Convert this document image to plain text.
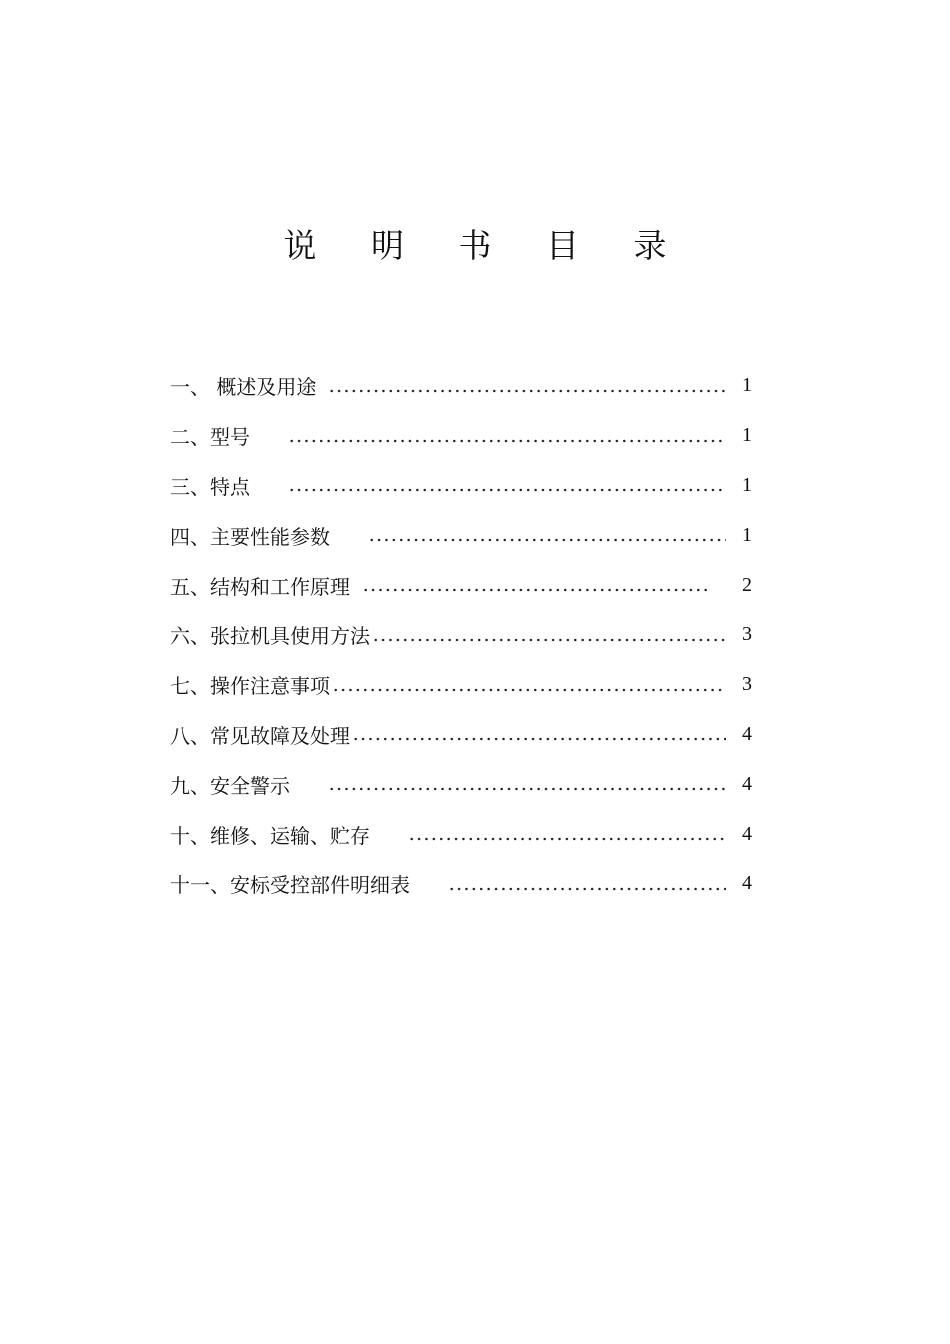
说 明 书 目 录
一、 概述及用途	1
二、型号	1
三、特点	1
四、主要性能参数	1
五、结构和工作原理	2
六、张拉机具使用方法	3
七、操作注意事项	3
八、常见故障及处理	4
九、安全警示	4
十、维修、运输、贮存	4
十一、安标受控部件明细表	4
